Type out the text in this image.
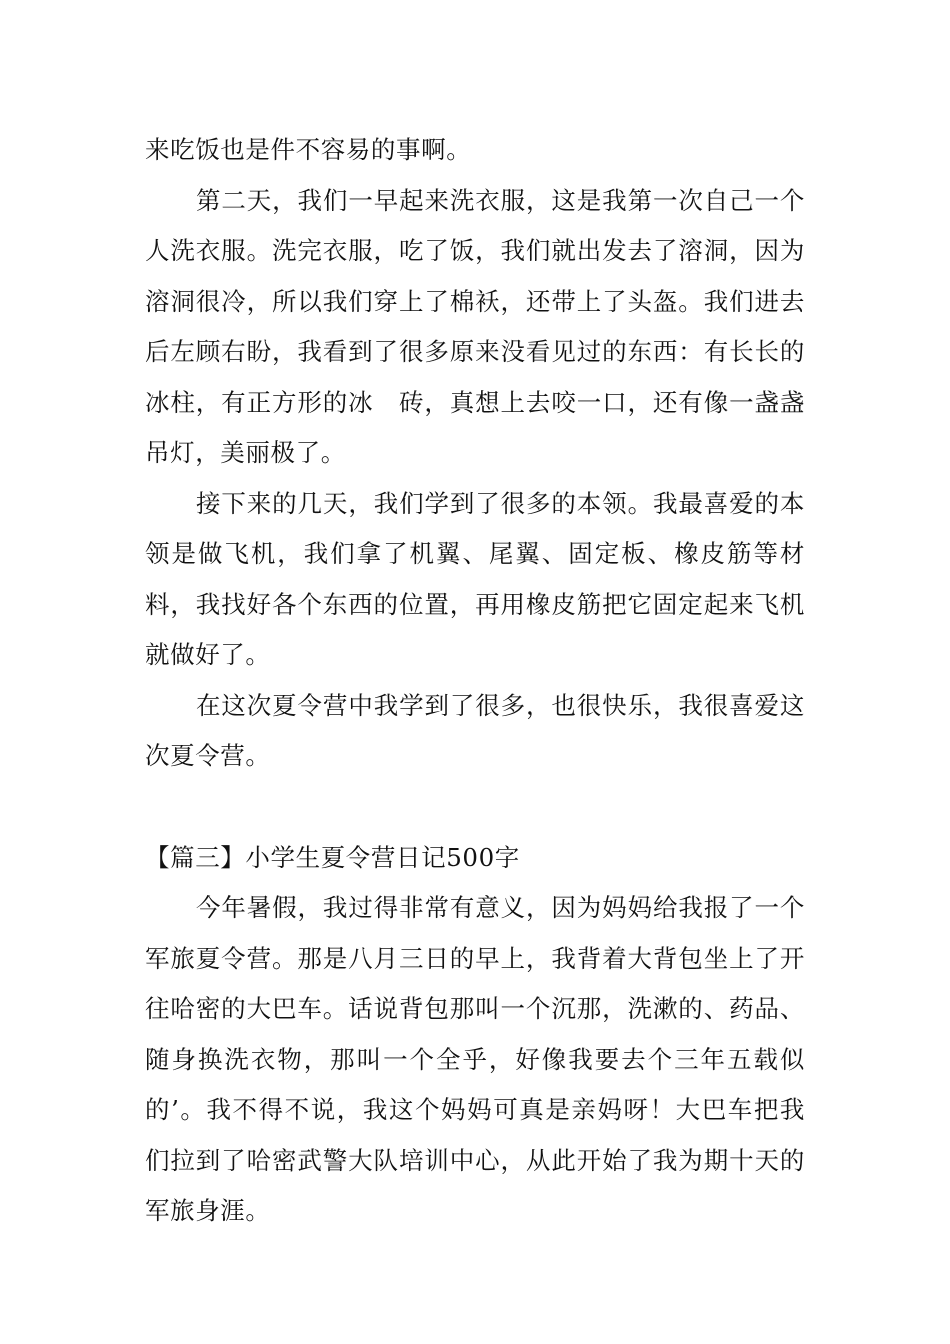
来吃饭也是件不容易的事啊。

第二天，我们一早起来洗衣服，这是我第一次自己一个人洗衣服。洗完衣服，吃了饭，我们就出发去了溶洞，因为溶洞很冷，所以我们穿上了棉袄，还带上了头盔。我们进去后左顾右盼，我看到了很多原来没看见过的东西：有长长的冰柱，有正方形的冰　砖，真想上去咬一口，还有像一盏盏吊灯，美丽极了。

接下来的几天，我们学到了很多的本领。我最喜爱的本领是做飞机，我们拿了机翼、尾翼、固定板、橡皮筋等材料，我找好各个东西的位置，再用橡皮筋把它固定起来飞机就做好了。

在这次夏令营中我学到了很多，也很快乐，我很喜爱这次夏令营。

【篇三】小学生夏令营日记500字

今年暑假，我过得非常有意义，因为妈妈给我报了一个军旅夏令营。那是八月三日的早上，我背着大背包坐上了开往哈密的大巴车。话说背包那叫一个沉那，洗漱的、药品、随身换洗衣物，那叫一个全乎，好像我要去个三年五载似的’。我不得不说，我这个妈妈可真是亲妈呀！大巴车把我们拉到了哈密武警大队培训中心，从此开始了我为期十天的军旅身涯。
